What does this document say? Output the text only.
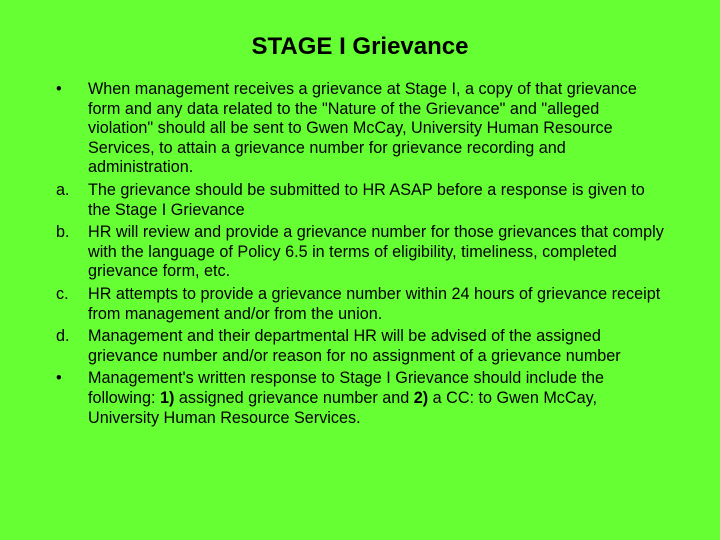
STAGE I Grievance
•	When management receives a grievance at Stage I, a copy of that grievance form and any data related to the "Nature of the Grievance" and "alleged violation" should all be sent to Gwen McCay, University Human Resource Services, to attain a grievance number for grievance recording and administration.
a.	The grievance should be submitted to HR ASAP before a response is given to the Stage I Grievance
b.	HR will review and provide a grievance number for those grievances that comply with the language of Policy 6.5 in terms of eligibility, timeliness, completed grievance form, etc.
c.	HR attempts to provide a grievance number within 24 hours of grievance receipt from management and/or from the union.
d.	Management and their departmental HR will be advised of the assigned grievance number and/or reason for no assignment of a grievance number
•	Management's written response to Stage I Grievance should include the following: 1) assigned grievance number and 2) a CC: to Gwen McCay, University Human Resource Services.
